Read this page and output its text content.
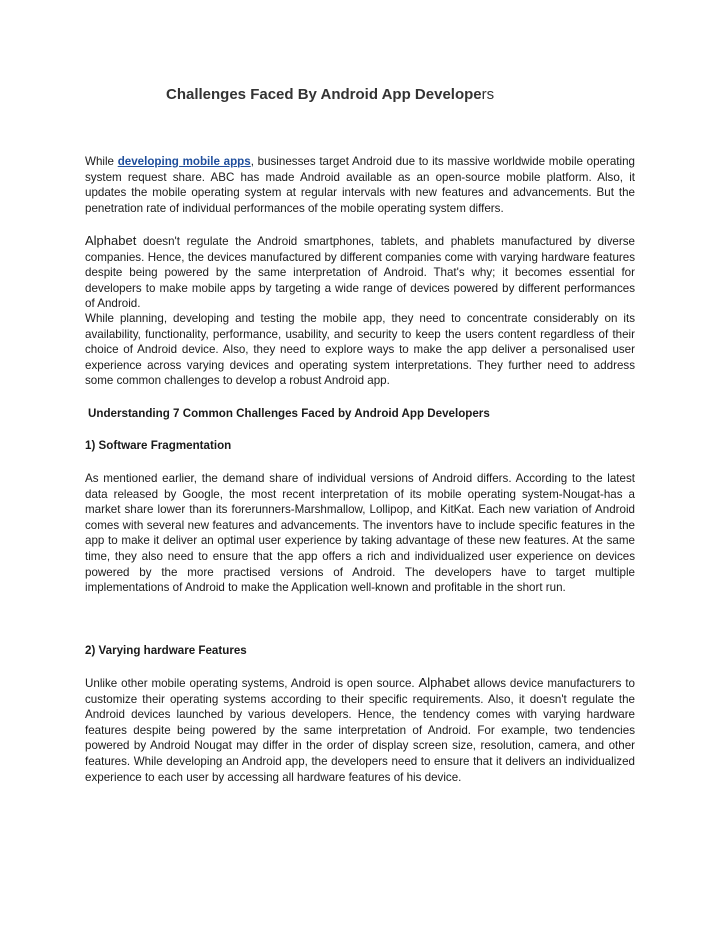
Challenges Faced By Android App Developers

While developing mobile apps, businesses target Android due to its massive worldwide mobile operating system request share. ABC has made Android available as an open-source mobile platform. Also, it updates the mobile operating system at regular intervals with new features and advancements. But the penetration rate of individual performances of the mobile operating system differs.

Alphabet doesn't regulate the Android smartphones, tablets, and phablets manufactured by diverse companies. Hence, the devices manufactured by different companies come with varying hardware features despite being powered by the same interpretation of Android. That's why; it becomes essential for developers to make mobile apps by targeting a wide range of devices powered by different performances of Android.

While planning, developing and testing the mobile app, they need to concentrate considerably on its availability, functionality, performance, usability, and security to keep the users content regardless of their choice of Android device. Also, they need to explore ways to make the app deliver a personalised user experience across varying devices and operating system interpretations. They further need to address some common challenges to develop a robust Android app.

Understanding 7 Common Challenges Faced by Android App Developers

1) Software Fragmentation

As mentioned earlier, the demand share of individual versions of Android differs. According to the latest data released by Google, the most recent interpretation of its mobile operating system-Nougat-has a market share lower than its forerunners-Marshmallow, Lollipop, and KitKat. Each new variation of Android comes with several new features and advancements. The inventors have to include specific features in the app to make it deliver an optimal user experience by taking advantage of these new features. At the same time, they also need to ensure that the app offers a rich and individualized user experience on devices powered by the more practised versions of Android. The developers have to target multiple implementations of Android to make the Application well-known and profitable in the short run.

2) Varying hardware Features

Unlike other mobile operating systems, Android is open source. Alphabet allows device manufacturers to customize their operating systems according to their specific requirements. Also, it doesn't regulate the Android devices launched by various developers. Hence, the tendency comes with varying hardware features despite being powered by the same interpretation of Android. For example, two tendencies powered by Android Nougat may differ in the order of display screen size, resolution, camera, and other features. While developing an Android app, the developers need to ensure that it delivers an individualized experience to each user by accessing all hardware features of his device.
